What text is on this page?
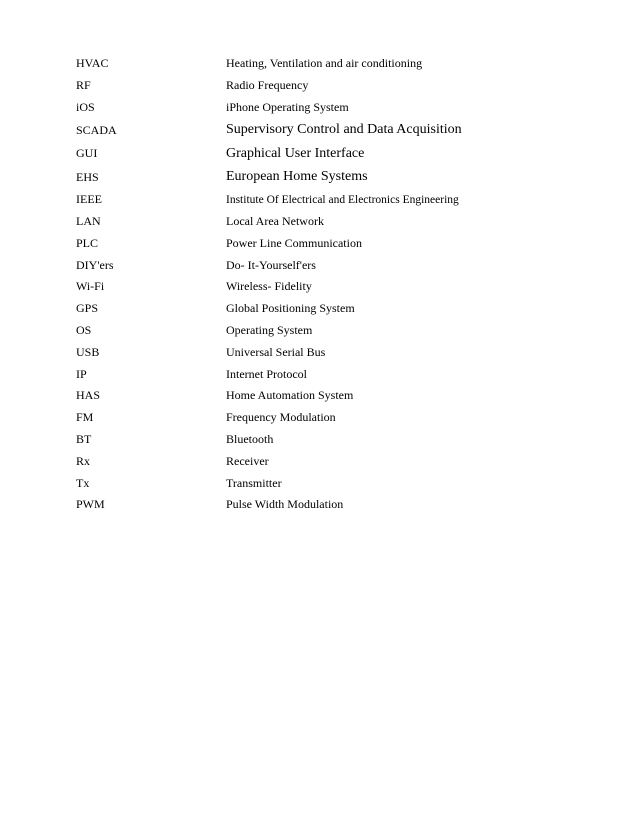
HVAC	Heating, Ventilation and air conditioning
RF	Radio Frequency
iOS	iPhone Operating System
SCADA	Supervisory Control and Data Acquisition
GUI	Graphical User Interface
EHS	European Home Systems
IEEE	Institute Of Electrical and Electronics Engineering
LAN	Local Area Network
PLC	Power Line Communication
DIY'ers	Do- It-Yourself'ers
Wi-Fi	Wireless- Fidelity
GPS	Global Positioning System
OS	Operating System
USB	Universal Serial Bus
IP	Internet Protocol
HAS	Home Automation System
FM	Frequency Modulation
BT	Bluetooth
Rx	Receiver
Tx	Transmitter
PWM	Pulse Width Modulation
